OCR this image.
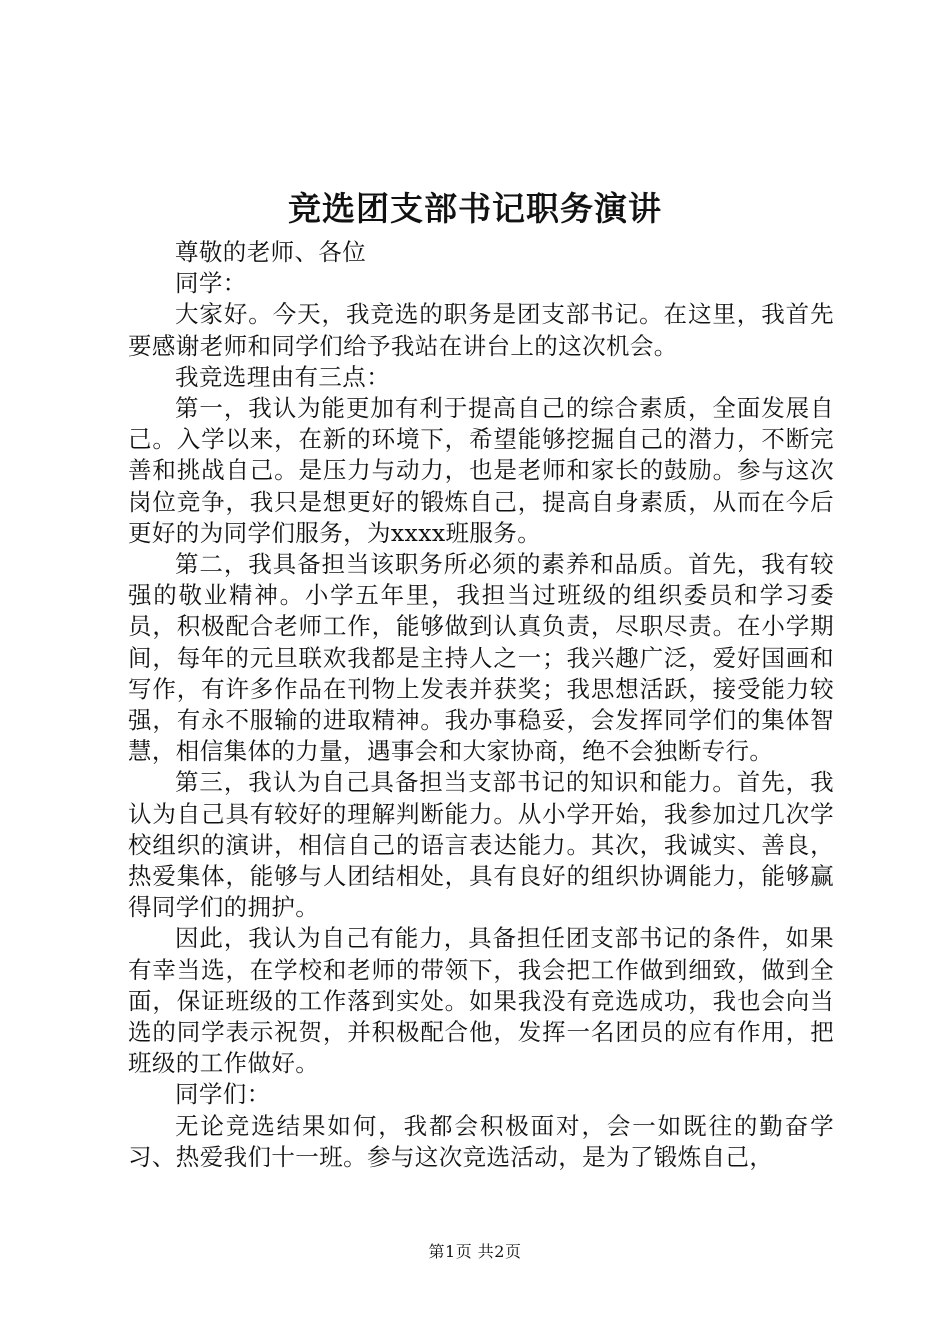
竞选团支部书记职务演讲

尊敬的老师、各位

同学：

大家好。今天，我竞选的职务是团支部书记。在这里，我首先要感谢老师和同学们给予我站在讲台上的这次机会。

我竞选理由有三点：

第一，我认为能更加有利于提高自己的综合素质，全面发展自己。入学以来，在新的环境下，希望能够挖掘自己的潜力，不断完善和挑战自己。是压力与动力，也是老师和家长的鼓励。参与这次岗位竞争，我只是想更好的锻炼自己，提高自身素质，从而在今后更好的为同学们服务，为xxxx班服务。

第二，我具备担当该职务所必须的素养和品质。首先，我有较强的敬业精神。小学五年里，我担当过班级的组织委员和学习委员，积极配合老师工作，能够做到认真负责，尽职尽责。在小学期间，每年的元旦联欢我都是主持人之一；我兴趣广泛，爱好国画和写作，有许多作品在刊物上发表并获奖；我思想活跃，接受能力较强，有永不服输的进取精神。我办事稳妥，会发挥同学们的集体智慧，相信集体的力量，遇事会和大家协商，绝不会独断专行。

第三，我认为自己具备担当支部书记的知识和能力。首先，我认为自己具有较好的理解判断能力。从小学开始，我参加过几次学校组织的演讲，相信自己的语言表达能力。其次，我诚实、善良，热爱集体，能够与人团结相处，具有良好的组织协调能力，能够赢得同学们的拥护。

因此，我认为自己有能力，具备担任团支部书记的条件，如果有幸当选，在学校和老师的带领下，我会把工作做到细致，做到全面，保证班级的工作落到实处。如果我没有竞选成功，我也会向当选的同学表示祝贺，并积极配合他，发挥一名团员的应有作用，把班级的工作做好。

同学们：

无论竞选结果如何，我都会积极面对，会一如既往的勤奋学习、热爱我们十一班。参与这次竞选活动，是为了锻炼自己，

第1页 共2页
